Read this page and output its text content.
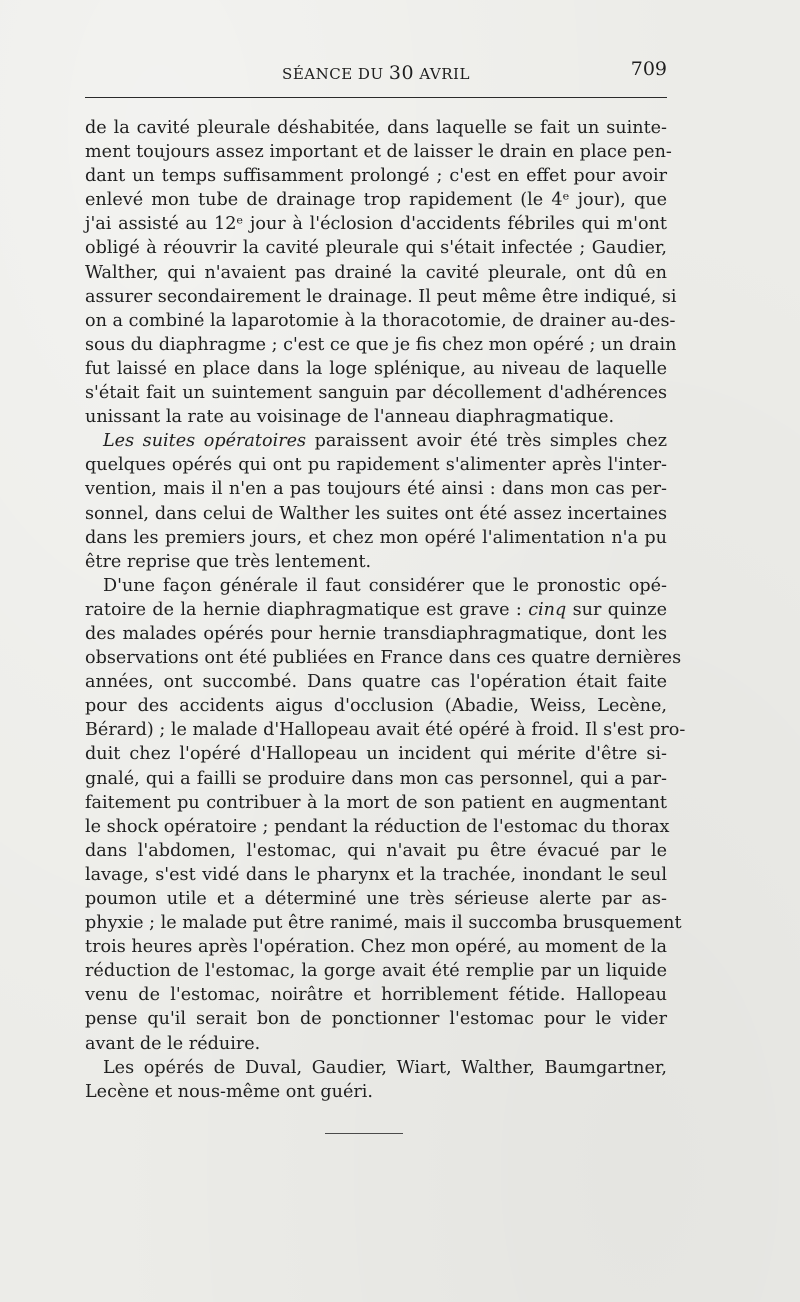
SÉANCE DU 30 AVRIL	709
de la cavité pleurale déshabitée, dans laquelle se fait un suinte-
ment toujours assez important et de laisser le drain en place pen-
dant un temps suffisamment prolongé ; c'est en effet pour avoir
enlevé mon tube de drainage trop rapidement (le 4ᵉ jour), que
j'ai assisté au 12ᵉ jour à l'éclosion d'accidents fébriles qui m'ont
obligé à réouvrir la cavité pleurale qui s'était infectée ; Gaudier,
Walther, qui n'avaient pas drainé la cavité pleurale, ont dû en
assurer secondairement le drainage. Il peut même être indiqué, si
on a combiné la laparotomie à la thoracotomie, de drainer au-des-
sous du diaphragme ; c'est ce que je fis chez mon opéré ; un drain
fut laissé en place dans la loge splénique, au niveau de laquelle
s'était fait un suintement sanguin par décollement d'adhérences
unissant la rate au voisinage de l'anneau diaphragmatique.
Les suites opératoires paraissent avoir été très simples chez
quelques opérés qui ont pu rapidement s'alimenter après l'inter-
vention, mais il n'en a pas toujours été ainsi : dans mon cas per-
sonnel, dans celui de Walther les suites ont été assez incertaines
dans les premiers jours, et chez mon opéré l'alimentation n'a pu
être reprise que très lentement.
D'une façon générale il faut considérer que le pronostic opé-
ratoire de la hernie diaphragmatique est grave : cinq sur quinze
des malades opérés pour hernie transdiaphragmatique, dont les
observations ont été publiées en France dans ces quatre dernières
années, ont succombé. Dans quatre cas l'opération était faite
pour des accidents aigus d'occlusion (Abadie, Weiss, Lecène,
Bérard) ; le malade d'Hallopeau avait été opéré à froid. Il s'est pro-
duit chez l'opéré d'Hallopeau un incident qui mérite d'être si-
gnalé, qui a failli se produire dans mon cas personnel, qui a par-
faitement pu contribuer à la mort de son patient en augmentant
le shock opératoire ; pendant la réduction de l'estomac du thorax
dans l'abdomen, l'estomac, qui n'avait pu être évacué par le
lavage, s'est vidé dans le pharynx et la trachée, inondant le seul
poumon utile et a déterminé une très sérieuse alerte par as-
phyxie ; le malade put être ranimé, mais il succomba brusquement
trois heures après l'opération. Chez mon opéré, au moment de la
réduction de l'estomac, la gorge avait été remplie par un liquide
venu de l'estomac, noirâtre et horriblement fétide. Hallopeau
pense qu'il serait bon de ponctionner l'estomac pour le vider
avant de le réduire.
Les opérés de Duval, Gaudier, Wiart, Walther, Baumgartner,
Lecène et nous-même ont guéri.
